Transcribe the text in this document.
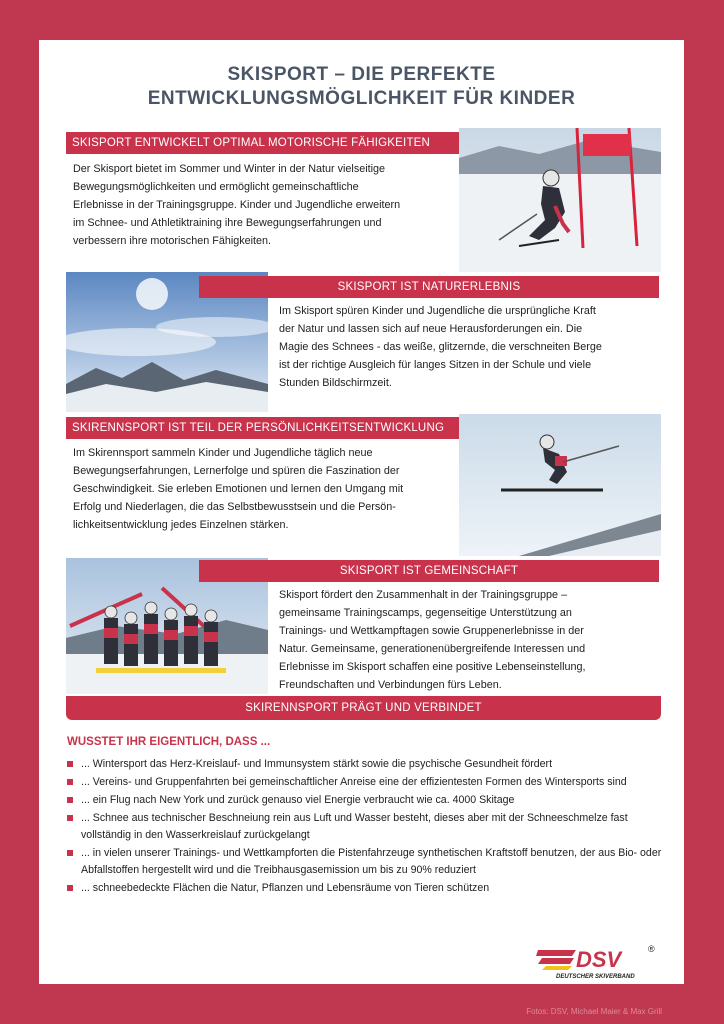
SKISPORT – DIE PERFEKTE
ENTWICKLUNGSMÖGLICHKEIT FÜR KINDER
SKISPORT ENTWICKELT OPTIMAL MOTORISCHE FÄHIGKEITEN
Der Skisport bietet im Sommer und Winter in der Natur vielseitige
Bewegungsmöglichkeiten und ermöglicht gemeinschaftliche
Erlebnisse in der Trainingsgruppe. Kinder und Jugendliche erweitern
im Schnee- und Athletiktraining ihre Bewegungserfahrungen und
verbessern ihre motorischen Fähigkeiten.
SKISPORT IST NATURERLEBNIS
Im Skisport spüren Kinder und Jugendliche die ursprüngliche Kraft
der Natur und lassen sich auf neue Herausforderungen ein. Die
Magie des Schnees - das weiße, glitzernde, die verschneiten Berge
ist der richtige Ausgleich für langes Sitzen in der Schule und viele
Stunden Bildschirmzeit.
SKIRENNSPORT IST TEIL DER PERSÖNLICHKEITSENTWICKLUNG
Im Skirennsport sammeln Kinder und Jugendliche täglich neue
Bewegungserfahrungen, Lernerfolge und spüren die Faszination der
Geschwindigkeit. Sie erleben Emotionen und lernen den Umgang mit
Erfolg und Niederlagen, die das Selbstbewusstsein und die Persön-
lichkeitsentwicklung jedes Einzelnen stärken.
SKISPORT IST GEMEINSCHAFT
Skisport fördert den Zusammenhalt in der Trainingsgruppe –
gemeinsame Trainingscamps, gegenseitige Unterstützung an
Trainings- und Wettkampftagen sowie Gruppenerlebnisse in der
Natur. Gemeinsame, generationenübergreifende Interessen und
Erlebnisse im Skisport schaffen eine positive Lebenseinstellung,
Freundschaften und Verbindungen fürs Leben.
SKIRENNSPORT PRÄGT UND VERBINDET
WUSSTET IHR EIGENTLICH, DASS ...
... Wintersport das Herz-Kreislauf- und Immunsystem stärkt sowie die psychische Gesundheit fördert
... Vereins- und Gruppenfahrten bei gemeinschaftlicher Anreise eine der effizientesten Formen des Wintersports sind
... ein Flug nach New York und zurück genauso viel Energie verbraucht wie ca. 4000 Skitage
... Schnee aus technischer Beschneiung rein aus Luft und Wasser besteht, dieses aber mit der Schneeschmelze fast vollständig in den Wasserkreislauf zurückgelangt
... in vielen unserer Trainings- und Wettkampforten die Pistenfahrzeuge synthetischen Kraftstoff benutzen, der aus Bio- oder Abfallstoffen hergestellt wird und die Treibhausgasemission um bis zu 90% reduziert
... schneebedeckte Flächen die Natur, Pflanzen und Lebensräume von Tieren schützen
DSV	®
DEUTSCHER SKIVERBAND
Fotos: DSV, Michael Maier & Max Grill
